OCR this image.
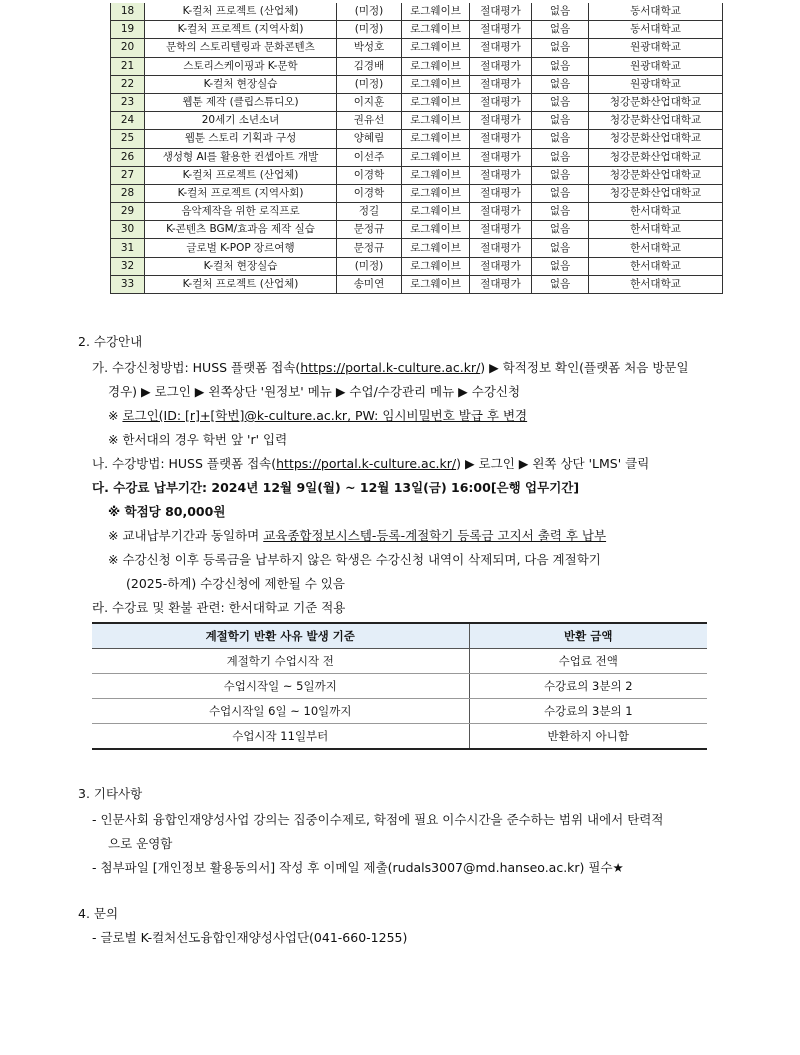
18	K-컬처 프로젝트 (산업체)	(미정)	로그웨이브	절대평가	없음	동서대학교
19	K-컬처 프로젝트 (지역사회)	(미정)	로그웨이브	절대평가	없음	동서대학교
20	문학의 스토리텔링과 문화콘텐츠	박성호	로그웨이브	절대평가	없음	원광대학교
21	스토리스케이핑과 K-문학	김경배	로그웨이브	절대평가	없음	원광대학교
22	K-컬처 현장실습	(미정)	로그웨이브	절대평가	없음	원광대학교
23	웹툰 제작 (클립스튜디오)	이지훈	로그웨이브	절대평가	없음	청강문화산업대학교
24	20세기 소년소녀	권유선	로그웨이브	절대평가	없음	청강문화산업대학교
25	웹툰 스토리 기획과 구성	양혜림	로그웨이브	절대평가	없음	청강문화산업대학교
26	생성형 AI를 활용한 컨셉아트 개발	이선주	로그웨이브	절대평가	없음	청강문화산업대학교
27	K-컬처 프로젝트 (산업체)	이경학	로그웨이브	절대평가	없음	청강문화산업대학교
28	K-컬처 프로젝트 (지역사회)	이경학	로그웨이브	절대평가	없음	청강문화산업대학교
29	음악제작을 위한 로직프로	정길	로그웨이브	절대평가	없음	한서대학교
30	K-콘텐츠 BGM/효과음 제작 실습	문정규	로그웨이브	절대평가	없음	한서대학교
31	글로벌 K-POP 장르여행	문정규	로그웨이브	절대평가	없음	한서대학교
32	K-컬처 현장실습	(미정)	로그웨이브	절대평가	없음	한서대학교
33	K-컬처 프로젝트 (산업체)	송미연	로그웨이브	절대평가	없음	한서대학교
2. 수강안내
가. 수강신청방법: HUSS 플랫폼 접속(https://portal.k-culture.ac.kr/) ▶ 학적정보 확인(플랫폼 처음 방문일
경우) ▶ 로그인 ▶ 왼쪽상단 '원정보' 메뉴 ▶ 수업/수강관리 메뉴 ▶ 수강신청
※ 로그인(ID: [r]+[학번]@k-culture.ac.kr, PW: 임시비밀번호 발급 후 변경
※ 한서대의 경우 학번 앞 'r' 입력
나. 수강방법: HUSS 플랫폼 접속(https://portal.k-culture.ac.kr/) ▶ 로그인 ▶ 왼쪽 상단 'LMS' 클릭
다. 수강료 납부기간: 2024년 12월 9일(월) ~ 12월 13일(금) 16:00[은행 업무기간]
※ 학점당 80,000원
※ 교내납부기간과 동일하며 교육종합정보시스템-등록-계절학기 등록금 고지서 출력 후 납부
※ 수강신청 이후 등록금을 납부하지 않은 학생은 수강신청 내역이 삭제되며, 다음 계절학기
(2025-하계) 수강신청에 제한될 수 있음
라. 수강료 및 환불 관련: 한서대학교 기준 적용
계절학기 반환 사유 발생 기준	반환 금액
계절학기 수업시작 전	수업료 전액
수업시작일 ~ 5일까지	수강료의 3분의 2
수업시작일 6일 ~ 10일까지	수강료의 3분의 1
수업시작 11일부터	반환하지 아니함
3. 기타사항
- 인문사회 융합인재양성사업 강의는 집중이수제로, 학점에 필요 이수시간을 준수하는 범위 내에서 탄력적
으로 운영함
- 첨부파일 [개인정보 활용동의서] 작성 후 이메일 제출(rudals3007@md.hanseo.ac.kr) 필수★
4. 문의
- 글로벌 K-컬처선도융합인재양성사업단(041-660-1255)
